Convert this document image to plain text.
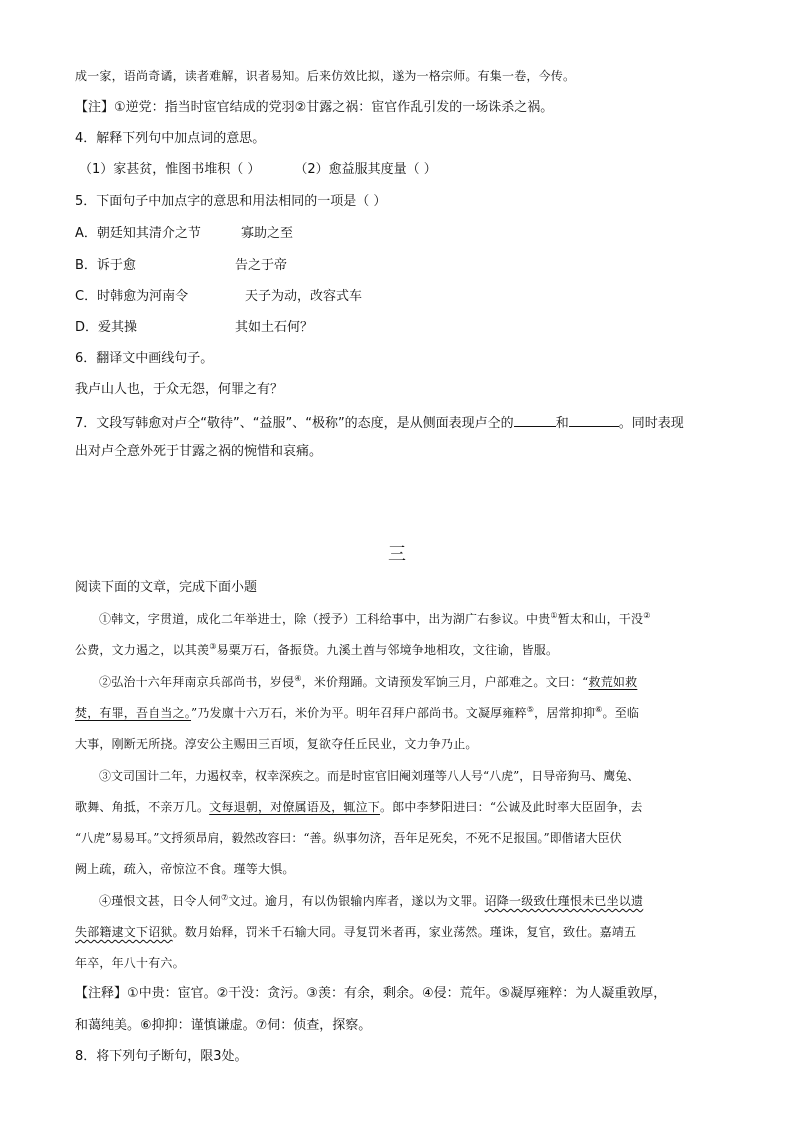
成一家，语尚奇谲，读者难解，识者易知。后来仿效比拟，遂为一格宗师。有集一卷，今传。
【注】①逆党：指当时宦官结成的党羽②甘露之祸：宦官作乱引发的一场诛杀之祸。
4．解释下列句中加点词的意思。
（1）家甚贫，惟图书堆积（ ）	（2）愈益服其度量（ ）
5．下面句子中加点字的意思和用法相同的一项是（ ）
A．朝廷知其清介之节	寡助之至
B．诉于愈	告之于帝
C．时韩愈为河南令	天子为动，改容式车
D．爱其操	其如土石何？
6．翻译文中画线句子。
我卢山人也，于众无怨，何罪之有？
7．文段写韩愈对卢仝“敬待”、“益服”、“极称”的态度，是从侧面表现卢仝的	和	。同时表现
出对卢仝意外死于甘露之祸的惋惜和哀痛。
三
阅读下面的文章，完成下面小题
①韩文，字贯道，成化二年举进士，除（授予）工科给事中，出为湖广右参议。中贵①暂太和山，干没②
公费，文力遏之，以其羡③易粟万石，备振贷。九溪土酋与邻境争地相攻，文往谕，皆服。
②弘治十六年拜南京兵部尚书，岁侵④，米价翔踊。文请预发军饷三月，户部难之。文曰：“救荒如救
焚，有罪，吾自当之。”乃发廪十六万石，米价为平。明年召拜户部尚书。文凝厚雍粹⑤，居常抑抑⑥。至临
大事，刚断无所挠。淳安公主赐田三百顷，复欲夺任丘民业，文力争乃止。
③文司国计二年，力遏权幸，权幸深疾之。而是时宦官旧阉刘瑾等八人号“八虎”，日导帝狗马、鹰兔、
歌舞、角抵，不亲万几。文每退朝，对僚属语及，辄泣下。郎中李梦阳进曰：“公诚及此时率大臣固争，去
“八虎”易易耳。”文捋须昂肩，毅然改容曰：“善。纵事勿济，吾年足死矣，不死不足报国。”即偕诸大臣伏
阙上疏，疏入，帝惊泣不食。瑾等大惧。
④瑾恨文甚，日令人伺⑦文过。逾月，有以伪银输内库者，遂以为文罪。诏降一级致仕瑾恨未已坐以遗
失部籍逮文下诏狱。数月始释，罚米千石输大同。寻复罚米者再，家业荡然。瑾诛，复官，致仕。嘉靖五
年卒，年八十有六。
【注释】①中贵：宦官。②干没：贪污。③羡：有余，剩余。④侵：荒年。⑤凝厚雍粹：为人凝重敦厚，
和蔼纯美。⑥抑抑：谨慎谦虚。⑦伺：侦查，探察。
8．将下列句子断句，限3处。
